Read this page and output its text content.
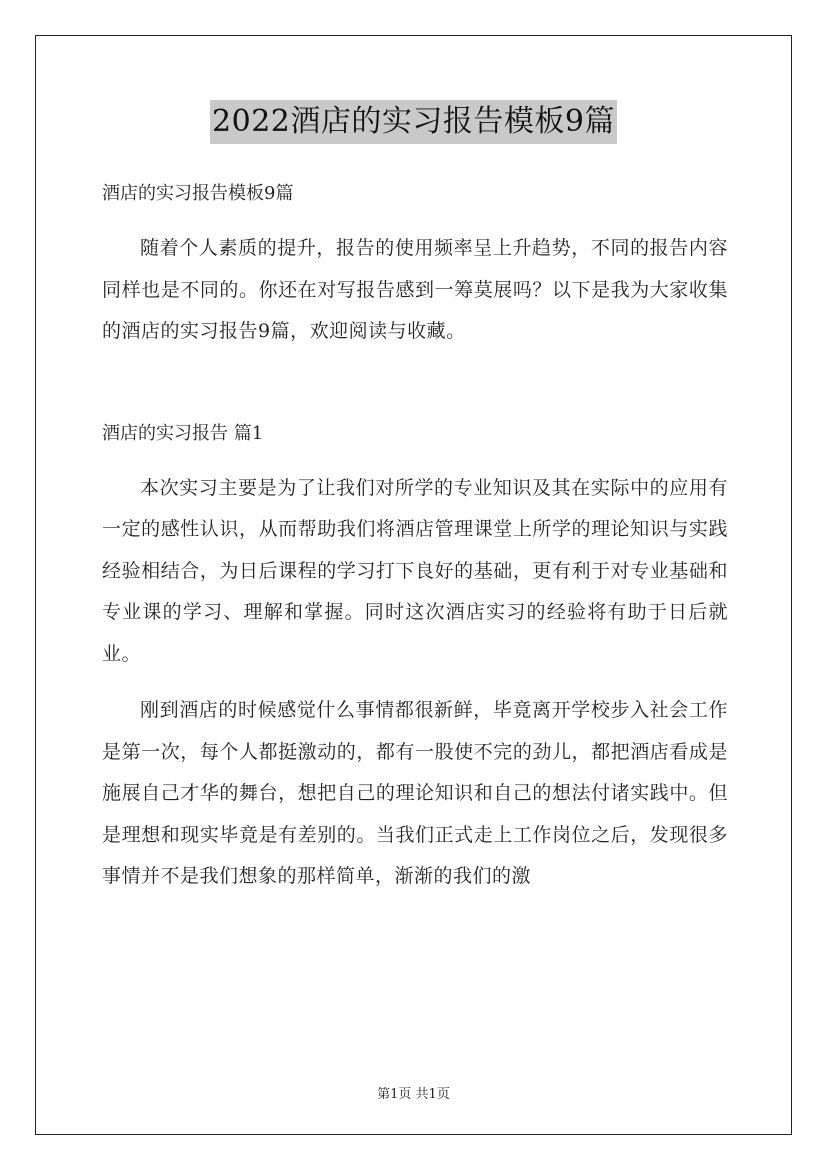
2022酒店的实习报告模板9篇

酒店的实习报告模板9篇

随着个人素质的提升，报告的使用频率呈上升趋势，不同的报告内容同样也是不同的。你还在对写报告感到一筹莫展吗？以下是我为大家收集的酒店的实习报告9篇，欢迎阅读与收藏。

酒店的实习报告 篇1

本次实习主要是为了让我们对所学的专业知识及其在实际中的应用有一定的感性认识，从而帮助我们将酒店管理课堂上所学的理论知识与实践经验相结合，为日后课程的学习打下良好的基础，更有利于对专业基础和专业课的学习、理解和掌握。同时这次酒店实习的经验将有助于日后就业。

刚到酒店的时候感觉什么事情都很新鲜，毕竟离开学校步入社会工作是第一次，每个人都挺激动的，都有一股使不完的劲儿，都把酒店看成是施展自己才华的舞台，想把自己的理论知识和自己的想法付诸实践中。但是理想和现实毕竟是有差别的。当我们正式走上工作岗位之后，发现很多事情并不是我们想象的那样简单，渐渐的我们的激

第1页 共1页
